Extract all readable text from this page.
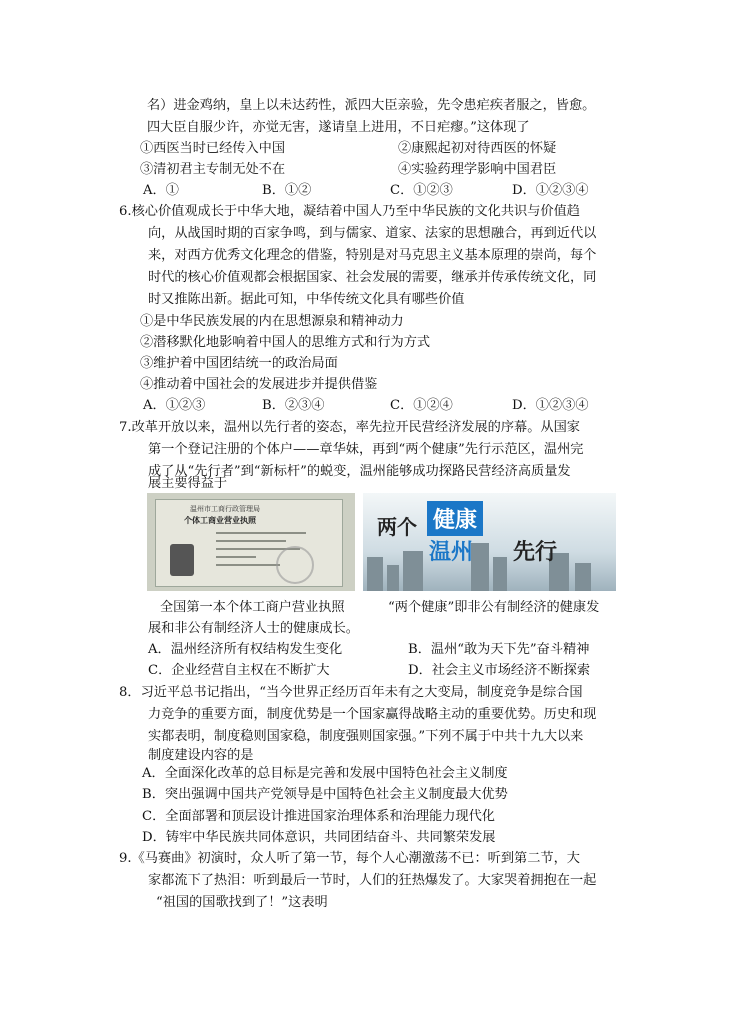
名）进金鸡纳，皇上以未达药性，派四大臣亲验，先令患疟疾者服之，皆愈。
四大臣自服少许，亦觉无害，遂请皇上进用，不日疟瘳。”这体现了
①西医当时已经传入中国	②康熙起初对待西医的怀疑
③清初君主专制无处不在	④实验药理学影响中国君臣
A．①	B．①②	C．①②③	D．①②③④
6.核心价值观成长于中华大地，凝结着中国人乃至中华民族的文化共识与价值趋
向，从战国时期的百家争鸣，到与儒家、道家、法家的思想融合，再到近代以
来，对西方优秀文化理念的借鉴，特别是对马克思主义基本原理的崇尚，每个
时代的核心价值观都会根据国家、社会发展的需要，继承并传承传统文化，同
时又推陈出新。据此可知，中华传统文化具有哪些价值
①是中华民族发展的内在思想源泉和精神动力
②潜移默化地影响着中国人的思维方式和行为方式
③维护着中国团结统一的政治局面
④推动着中国社会的发展进步并提供借鉴
A．①②③	B．②③④	C．①②④	D．①②③④
7.改革开放以来，温州以先行者的姿态，率先拉开民营经济发展的序幕。从国家
第一个登记注册的个体户——章华妹，再到“两个健康”先行示范区，温州完
成了从“先行者”到“新标杆”的蜕变，温州能够成功探路民营经济高质量发
展主要得益于
温州市工商行政管理局
个体工商业营业执照	两个 健康
温州 先行
全国第一本个体工商户营业执照	“两个健康”即非公有制经济的健康发
展和非公有制经济人士的健康成长。
A．温州经济所有权结构发生变化	B．温州“敢为天下先”奋斗精神
C．企业经营自主权在不断扩大	D．社会主义市场经济不断探索
8．习近平总书记指出，“当今世界正经历百年未有之大变局，制度竞争是综合国
力竞争的重要方面，制度优势是一个国家赢得战略主动的重要优势。历史和现
实都表明，制度稳则国家稳，制度强则国家强。”下列不属于中共十九大以来
制度建设内容的是
A．全面深化改革的总目标是完善和发展中国特色社会主义制度
B．突出强调中国共产党领导是中国特色社会主义制度最大优势
C．全面部署和顶层设计推进国家治理体系和治理能力现代化
D．铸牢中华民族共同体意识，共同团结奋斗、共同繁荣发展
9.《马赛曲》初演时，众人听了第一节，每个人心潮激荡不已：听到第二节，大
家都流下了热泪：听到最后一节时，人们的狂热爆发了。大家哭着拥抱在一起
“祖国的国歌找到了！”这表明
